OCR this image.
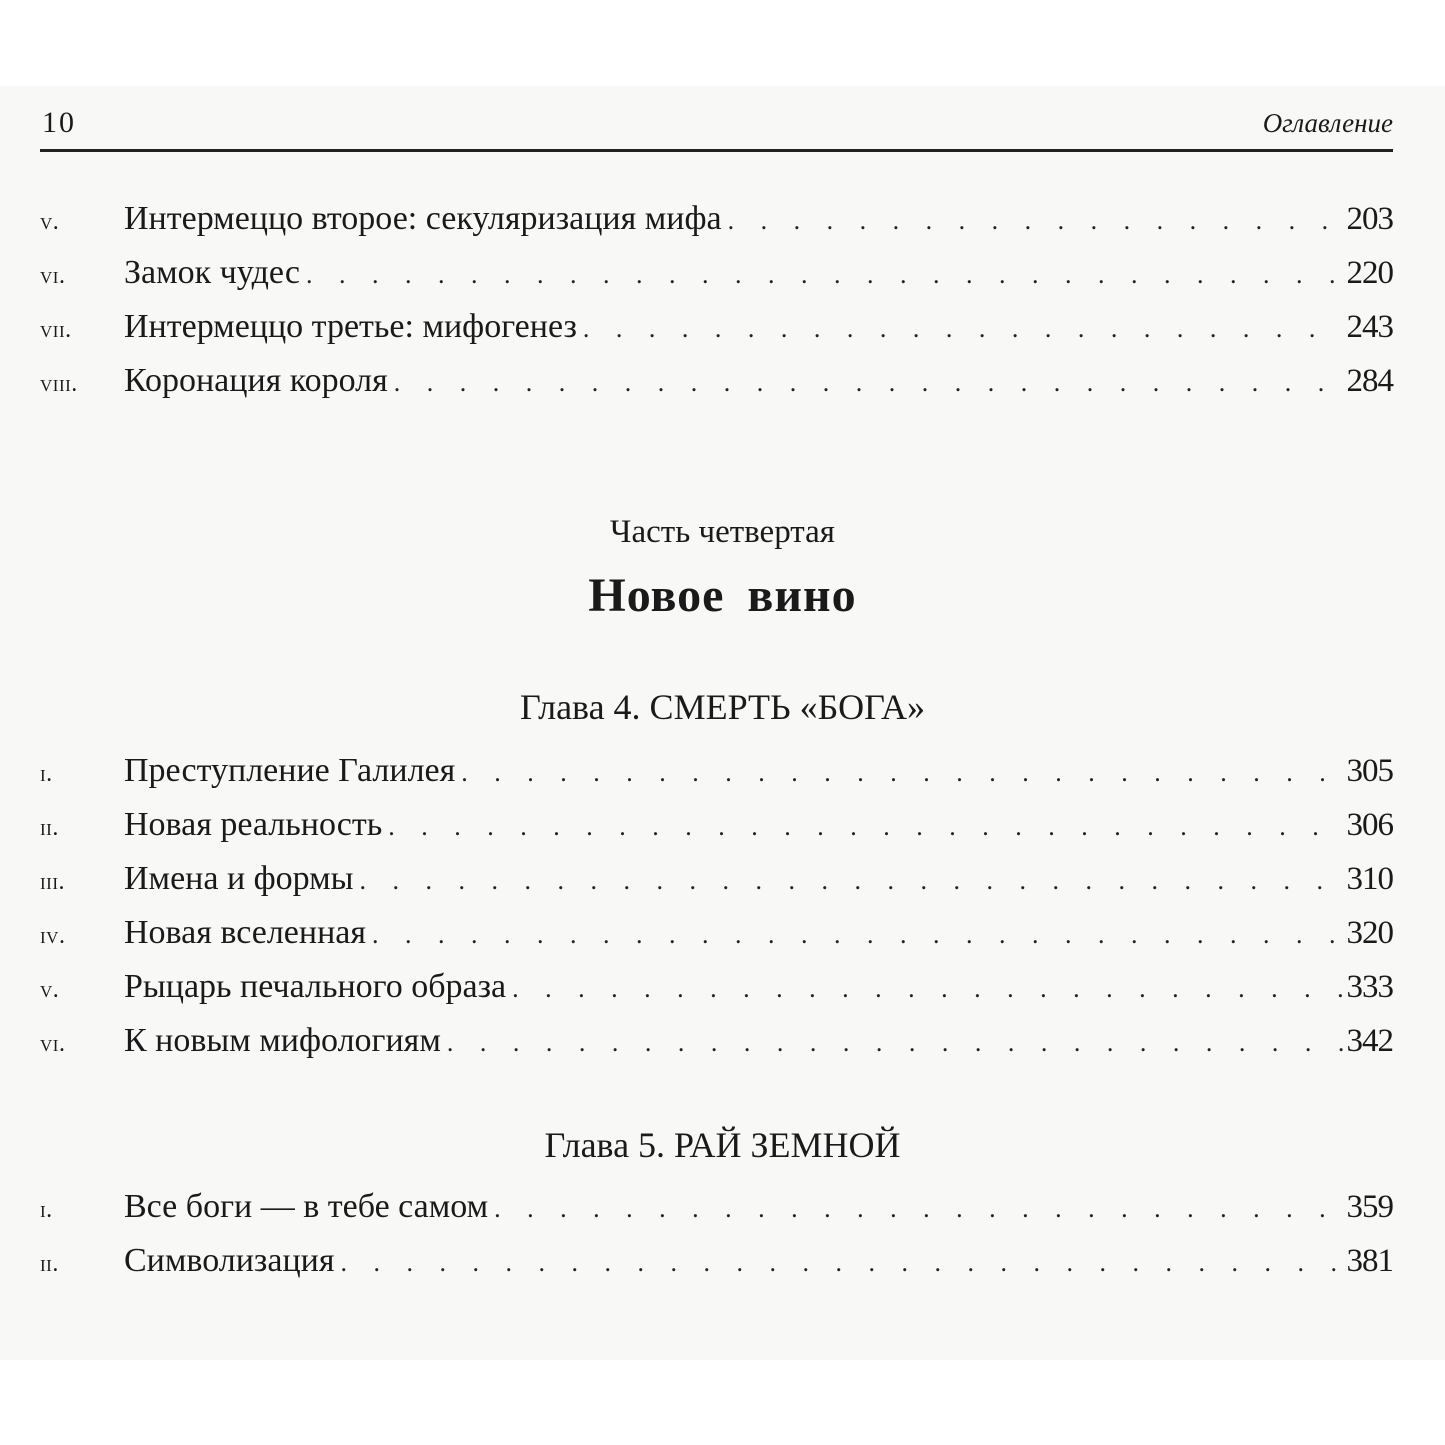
10	Оглавление
v.	Интермеццо второе: секуляризация мифа . . .	203
vi.	Замок чудес . . .	220
vii.	Интермеццо третье: мифогенез . . .	243
viii.	Коронация короля . . .	284
Часть четвертая
Новое вино
Глава 4. СМЕРТЬ «БОГА»
i.	Преступление Галилея . . .	305
ii.	Новая реальность . . .	306
iii.	Имена и формы . . .	310
iv.	Новая вселенная . . .	320
v.	Рыцарь печального образа . . .	333
vi.	К новым мифологиям . . .	342
Глава 5. РАЙ ЗЕМНОЙ
i.	Все боги — в тебе самом . . .	359
ii.	Символизация . . .	381
